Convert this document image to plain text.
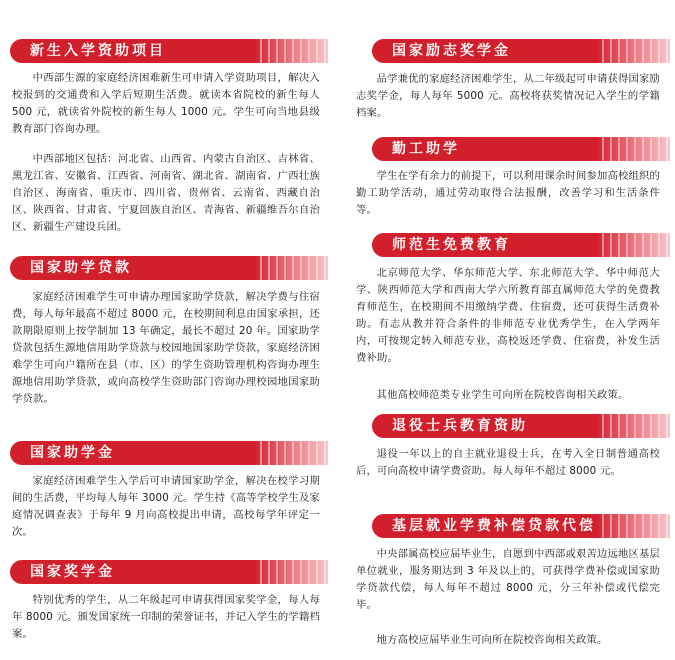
新生入学资助项目

中西部生源的家庭经济困难新生可申请入学资助项目，解决入校报到的交通费和入学后短期生活费。就读本省院校的新生每人 500 元，就读省外院校的新生每人 1000 元。学生可向当地县级教育部门咨询办理。

中西部地区包括：河北省、山西省、内蒙古自治区、吉林省、黑龙江省、安徽省、江西省、河南省、湖北省、湖南省、广西壮族自治区、海南省、重庆市、四川省、贵州省、云南省、西藏自治区、陕西省、甘肃省、宁夏回族自治区、青海省、新疆维吾尔自治区、新疆生产建设兵团。

国家助学贷款

家庭经济困难学生可申请办理国家助学贷款，解决学费与住宿费，每人每年最高不超过 8000 元，在校期间利息由国家承担，还款期限原则上按学制加 13 年确定，最长不超过 20 年。国家助学贷款包括生源地信用助学贷款与校园地国家助学贷款，家庭经济困难学生可向户籍所在县（市、区）的学生资助管理机构咨询办理生源地信用助学贷款，或向高校学生资助部门咨询办理校园地国家助学贷款。

国家助学金

家庭经济困难学生入学后可申请国家助学金，解决在校学习期间的生活费，平均每人每年 3000 元。学生持《高等学校学生及家庭情况调查表》于每年 9 月向高校提出申请，高校每学年评定一次。

国家奖学金

特别优秀的学生，从二年级起可申请获得国家奖学金，每人每年 8000 元。颁发国家统一印制的荣誉证书，并记入学生的学籍档案。

国家励志奖学金

品学兼优的家庭经济困难学生，从二年级起可申请获得国家励志奖学金，每人每年 5000 元。高校将获奖情况记入学生的学籍档案。

勤工助学

学生在学有余力的前提下，可以利用课余时间参加高校组织的勤工助学活动，通过劳动取得合法报酬，改善学习和生活条件等。

师范生免费教育

北京师范大学、华东师范大学、东北师范大学、华中师范大学、陕西师范大学和西南大学六所教育部直属师范大学的免费教育师范生，在校期间不用缴纳学费、住宿费，还可获得生活费补助。有志从教并符合条件的非师范专业优秀学生，在入学两年内，可按规定转入师范专业，高校返还学费、住宿费，补发生活费补助。

其他高校师范类专业学生可向所在院校咨询相关政策。

退役士兵教育资助

退役一年以上的自主就业退役士兵，在考入全日制普通高校后，可向高校申请学费资助。每人每年不超过 8000 元。

基层就业学费补偿贷款代偿

中央部属高校应届毕业生，自愿到中西部或艰苦边远地区基层单位就业，服务期达到 3 年及以上的，可获得学费补偿或国家助学贷款代偿，每人每年不超过 8000 元，分三年补偿或代偿完毕。

地方高校应届毕业生可向所在院校咨询相关政策。
